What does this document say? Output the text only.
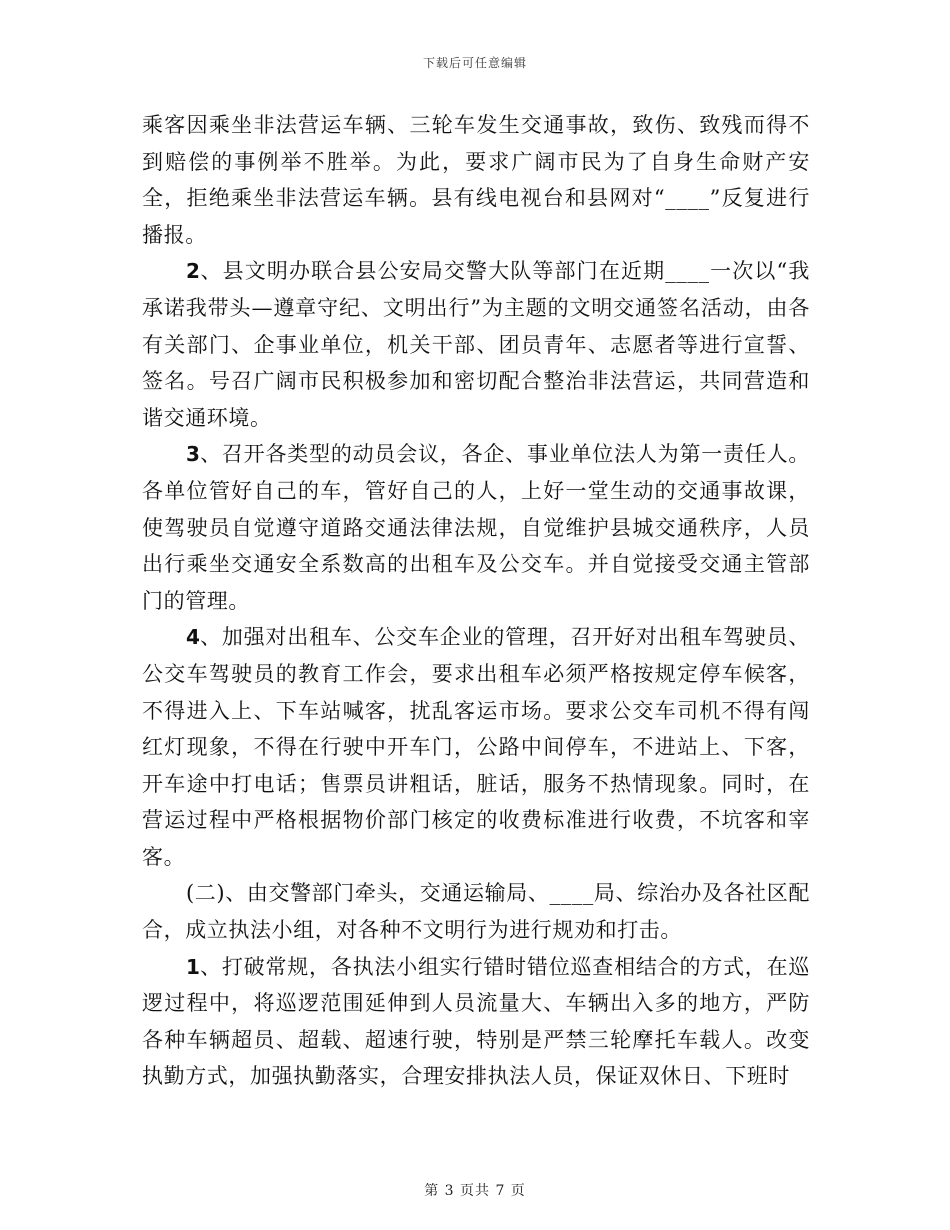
下载后可任意编辑

乘客因乘坐非法营运车辆、三轮车发生交通事故，致伤、致残而得不到赔偿的事例举不胜举。为此，要求广阔市民为了自身生命财产安全，拒绝乘坐非法营运车辆。县有线电视台和县网对“____”反复进行播报。

2、县文明办联合县公安局交警大队等部门在近期____一次以“我承诺我带头—遵章守纪、文明出行”为主题的文明交通签名活动，由各有关部门、企事业单位，机关干部、团员青年、志愿者等进行宣誓、签名。号召广阔市民积极参加和密切配合整治非法营运，共同营造和谐交通环境。

3、召开各类型的动员会议，各企、事业单位法人为第一责任人。各单位管好自己的车，管好自己的人，上好一堂生动的交通事故课，使驾驶员自觉遵守道路交通法律法规，自觉维护县城交通秩序，人员出行乘坐交通安全系数高的出租车及公交车。并自觉接受交通主管部门的管理。

4、加强对出租车、公交车企业的管理，召开好对出租车驾驶员、公交车驾驶员的教育工作会，要求出租车必须严格按规定停车候客，不得进入上、下车站喊客，扰乱客运市场。要求公交车司机不得有闯红灯现象，不得在行驶中开车门，公路中间停车，不进站上、下客，开车途中打电话；售票员讲粗话，脏话，服务不热情现象。同时，在营运过程中严格根据物价部门核定的收费标准进行收费，不坑客和宰客。

(二)、由交警部门牵头，交通运输局、____局、综治办及各社区配合，成立执法小组，对各种不文明行为进行规劝和打击。

1、打破常规，各执法小组实行错时错位巡查相结合的方式，在巡逻过程中，将巡逻范围延伸到人员流量大、车辆出入多的地方，严防各种车辆超员、超载、超速行驶，特别是严禁三轮摩托车载人。改变执勤方式，加强执勤落实，合理安排执法人员，保证双休日、下班时

第 3 页共 7 页
